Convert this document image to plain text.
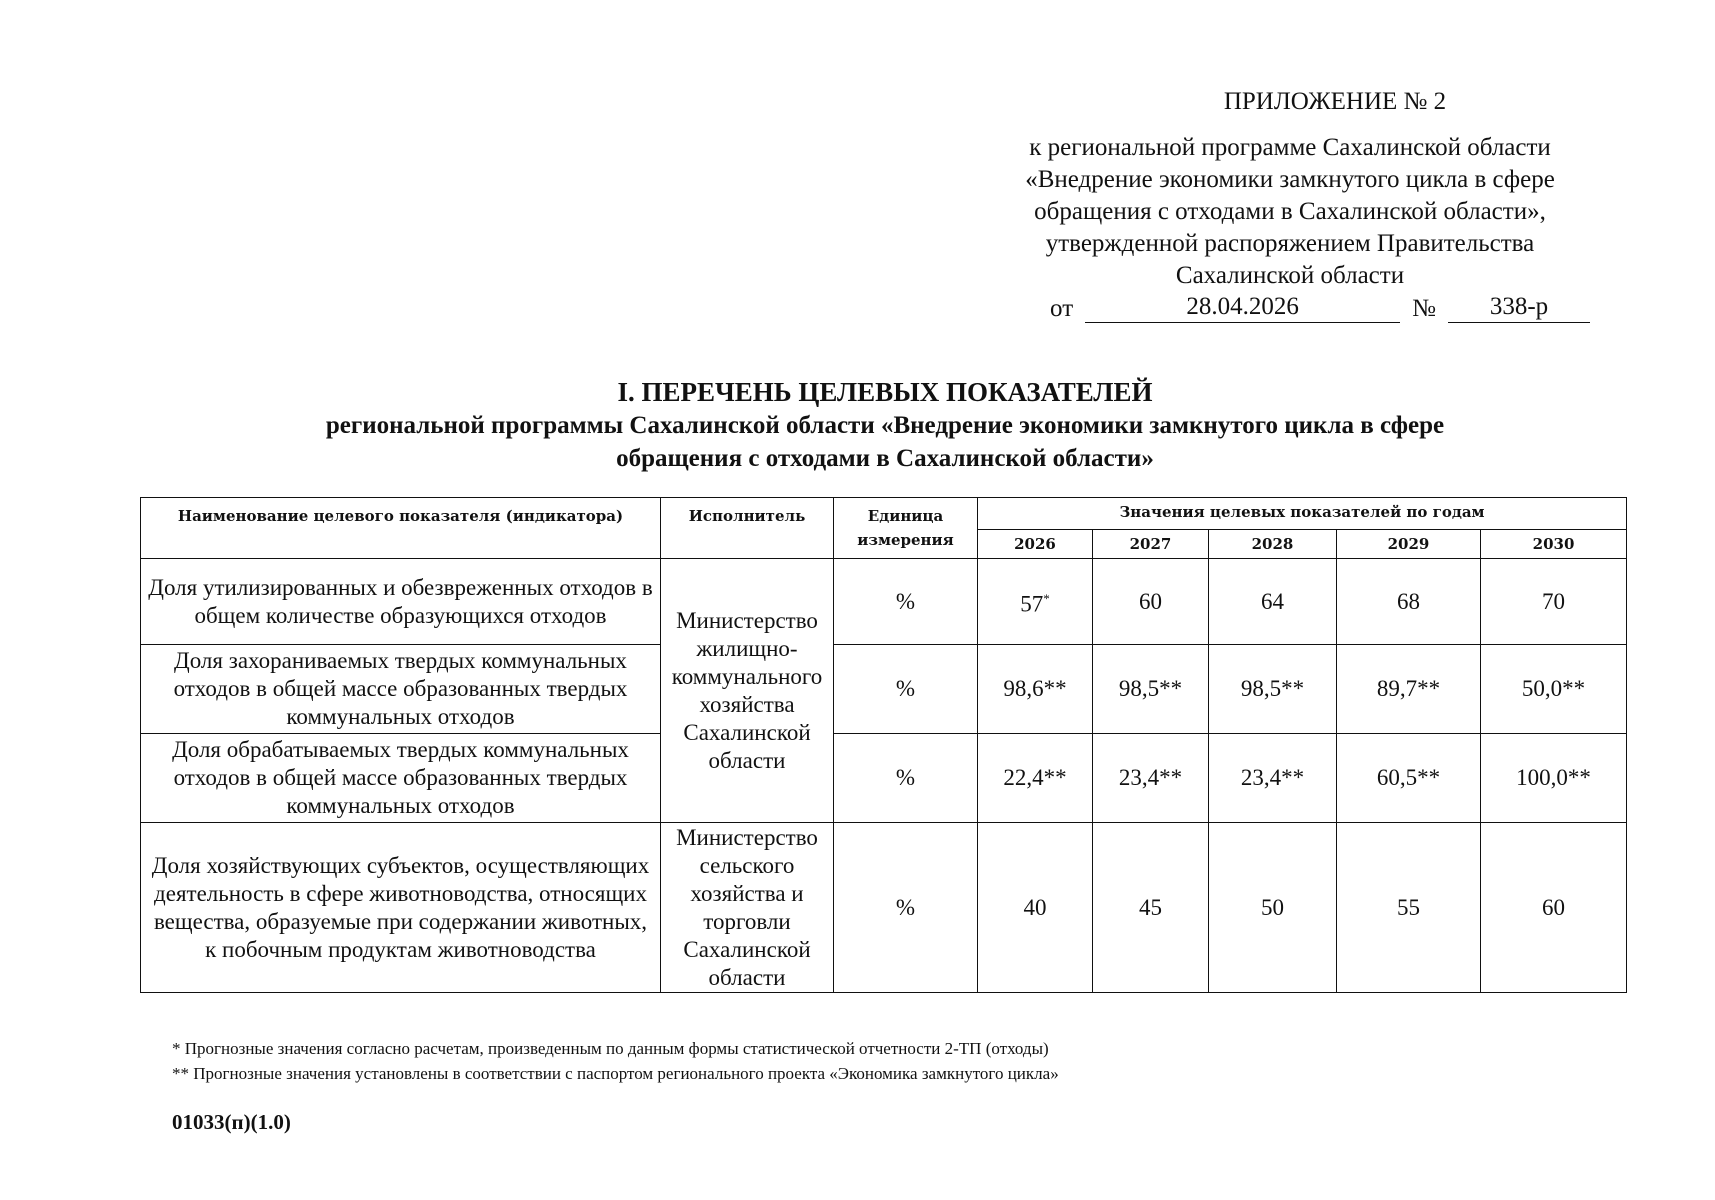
ПРИЛОЖЕНИЕ № 2
к региональной программе Сахалинской области
«Внедрение экономики замкнутого цикла в сфере
обращения с отходами в Сахалинской области»,
утвержденной распоряжением Правительства
Сахалинской области
от	28.04.2026	№	338-р
I. ПЕРЕЧЕНЬ ЦЕЛЕВЫХ ПОКАЗАТЕЛЕЙ
региональной программы Сахалинской области «Внедрение экономики замкнутого цикла в сфере
обращения с отходами в Сахалинской области»
Наименование целевого показателя (индикатора)	Исполнитель	Единица измерения	Значения целевых показателей по годам				
			2026	2027	2028	2029	2030
Доля утилизированных и обезвреженных отходов в общем количестве образующихся отходов	Министерство жилищно-коммунального хозяйства Сахалинской области	%	57*	60	64	68	70
Доля захораниваемых твердых коммунальных отходов в общей массе образованных твердых коммунальных отходов		%	98,6**	98,5**	98,5**	89,7**	50,0**
Доля обрабатываемых твердых коммунальных отходов в общей массе образованных твердых коммунальных отходов		%	22,4**	23,4**	23,4**	60,5**	100,0**
Доля хозяйствующих субъектов, осуществляющих деятельность в сфере животноводства, относящих вещества, образуемые при содержании животных, к побочным продуктам животноводства	Министерство сельского хозяйства и торговли Сахалинской области	%	40	45	50	55	60
* Прогнозные значения согласно расчетам, произведенным по данным формы статистической отчетности 2-ТП (отходы)
** Прогнозные значения установлены в соответствии с паспортом регионального проекта «Экономика замкнутого цикла»
01033(п)(1.0)
